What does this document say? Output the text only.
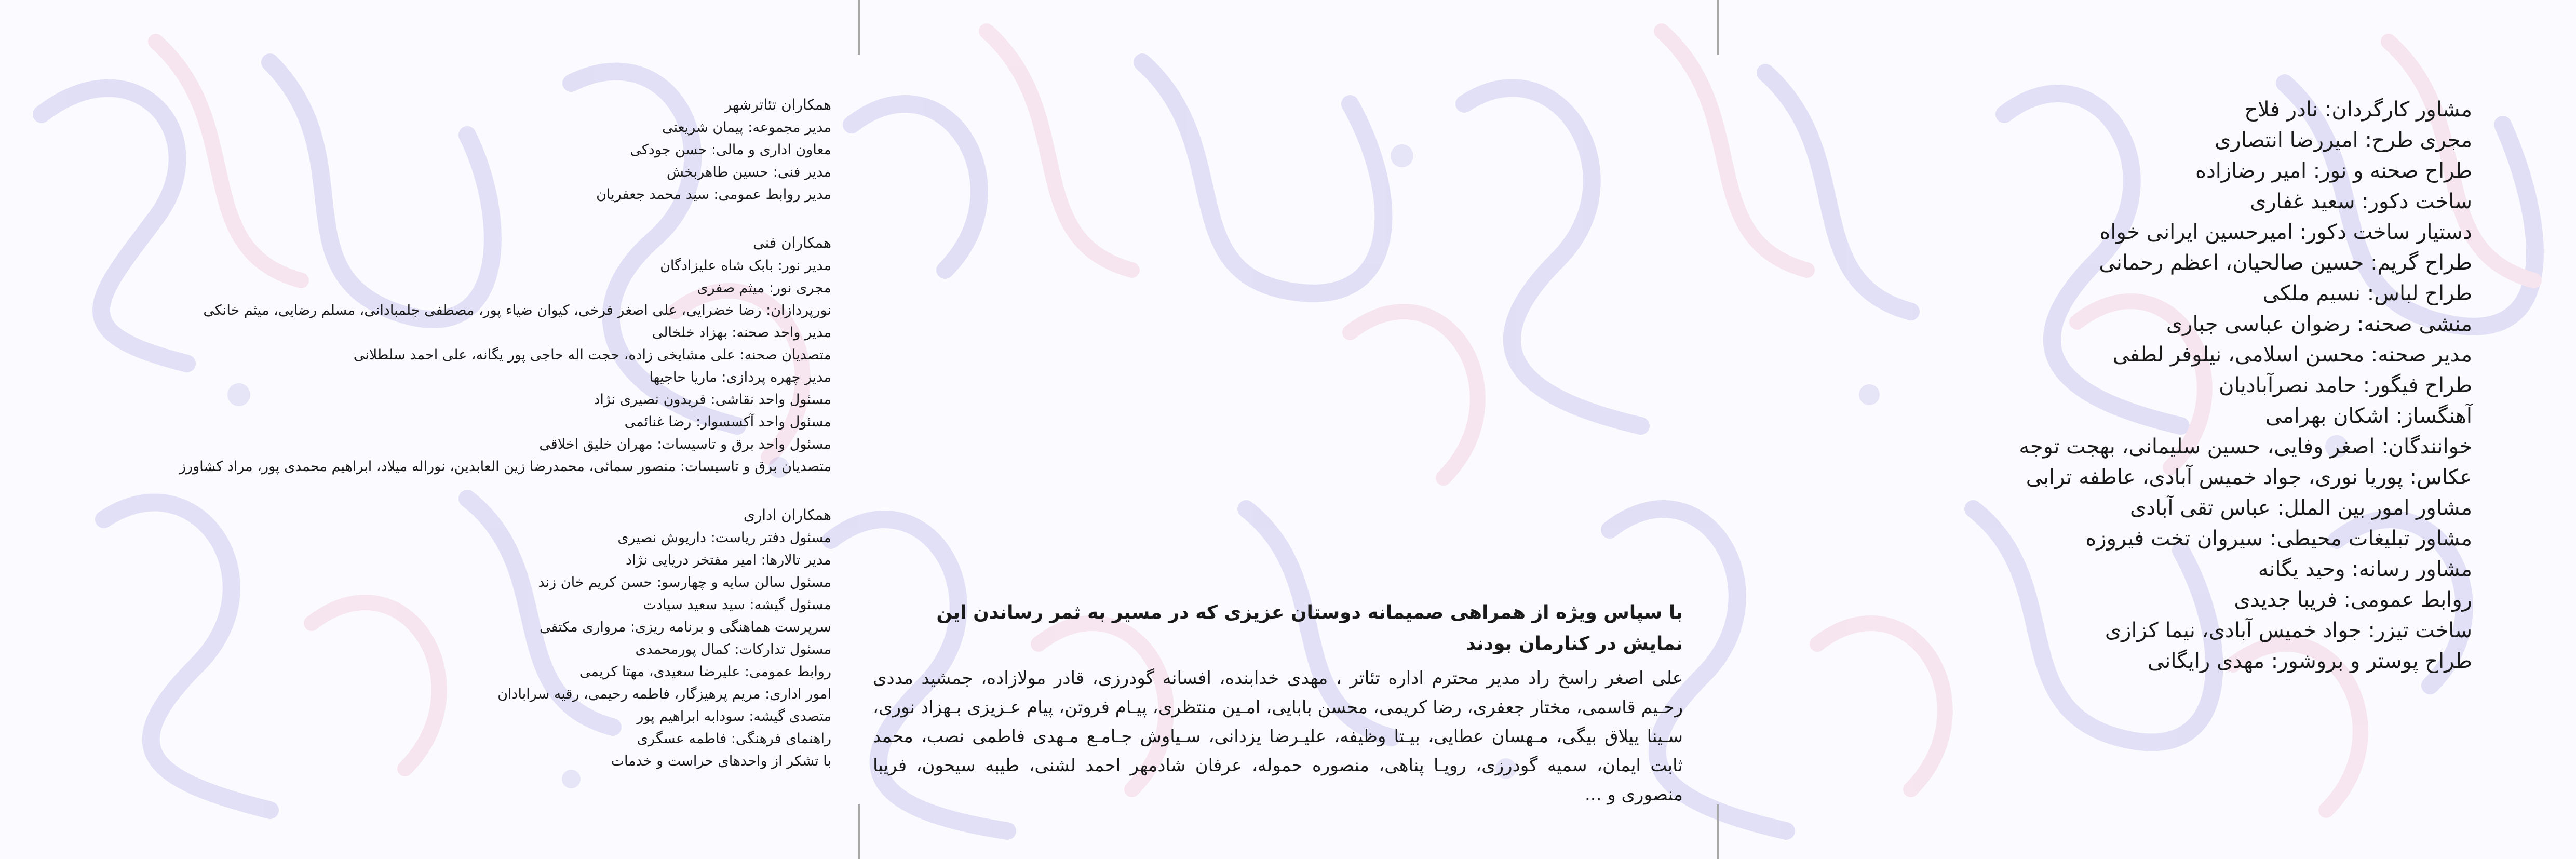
مشاور کارگردان: نادر فلاح
مجری طرح: امیررضا انتصاری
طراح صحنه و نور: امیر رضازاده
ساخت دکور: سعید غفاری
دستیار ساخت دکور: امیرحسین ایرانی خواه
طراح گریم: حسین صالحیان، اعظم رحمانی
طراح لباس: نسیم ملکی
منشی صحنه: رضوان عباسی جباری
مدیر صحنه: محسن اسلامی، نیلوفر لطفی
طراح فیگور: حامد نصرآبادیان
آهنگساز: اشکان بهرامی
خوانندگان: اصغر وفایی، حسین سلیمانی، بهجت توجه
عکاس: پوریا نوری، جواد خمیس آبادی، عاطفه ترابی
مشاور امور بین الملل: عباس تقی آبادی
مشاور تبلیغات محیطی: سیروان تخت فیروزه
مشاور رسانه: وحید یگانه
روابط عمومی: فریبا جدیدی
ساخت تیزر: جواد خمیس آبادی، نیما کزازی
طراح پوستر و بروشور: مهدی رایگانی
با سپاس ویژه از همراهی صمیمانه دوستان عزیزی که در مسیر به ثمر رساندن این نمایش در کنارمان بودند
علی اصغر راسخ راد مدیر محترم اداره تئاتر ، مهدی خدابنده، افسانه گودرزی، قادر مولازاده، جمشید مددی رحـیم قاسمی، مختار جعفری، رضا کریمی، محسن بابایی، امـین منتظری، پیـام فروتن، پیام عـزیزی بـهزاد نوری، سـینا ییلاق بیگی، مـهسان عطایی، بیـتا وظیفه، علیـرضا یزدانی، سـیاوش جـامـع مـهدی فاطمی نصب، محمد ثابت ایمان، سمیه گودرزی، رویـا پناهی، منصوره حموله، عرفان شادمهر احمد لشنی، طیبه سیحون، فریبا منصوری و ...
همکاران تئاترشهر
مدیر مجموعه: پیمان شریعتی
معاون اداری و مالی: حسن جودکی
مدیر فنی: حسین طاهربخش
مدیر روابط عمومی: سید محمد جعفریان
همکاران فنی
مدیر نور: بابک شاه علیزادگان
مجری نور: میثم صفری
نورپردازان: رضا خضرایی، علی اصغر فرخی، کیوان ضیاء پور، مصطفی جلمبادانی، مسلم رضایی، میثم خانکی
مدیر واحد صحنه: بهزاد خلخالی
متصدیان صحنه: علی مشایخی زاده، حجت اله حاجی پور یگانه، علی احمد سلطلانی
مدیر چهره پردازی: ماریا حاجیها
مسئول واحد نقاشی: فریدون نصیری نژاد
مسئول واحد آکسسوار: رضا غنائمی
مسئول واحد برق و تاسیسات: مهران خلیق اخلاقی
متصدیان برق و تاسیسات: منصور سمائی، محمدرضا زین العابدین، نوراله میلاد، ابراهیم محمدی پور، مراد کشاورز
همکاران اداری
مسئول دفتر ریاست: داریوش نصیری
مدیر تالارها: امیر مفتخر دریایی نژاد
مسئول سالن سایه و چهارسو: حسن کریم خان زند
مسئول گیشه: سید سعید سیادت
سرپرست هماهنگی و برنامه ریزی: مرواری مکتفی
مسئول تدارکات: کمال پورمحمدی
روابط عمومی: علیرضا سعیدی، مهتا کریمی
امور اداری: مریم پرهیزگار، فاطمه رحیمی، رقیه سرابادان
متصدی گیشه: سودابه ابراهیم پور
راهنمای فرهنگی: فاطمه عسگری
با تشکر از واحدهای حراست و خدمات
